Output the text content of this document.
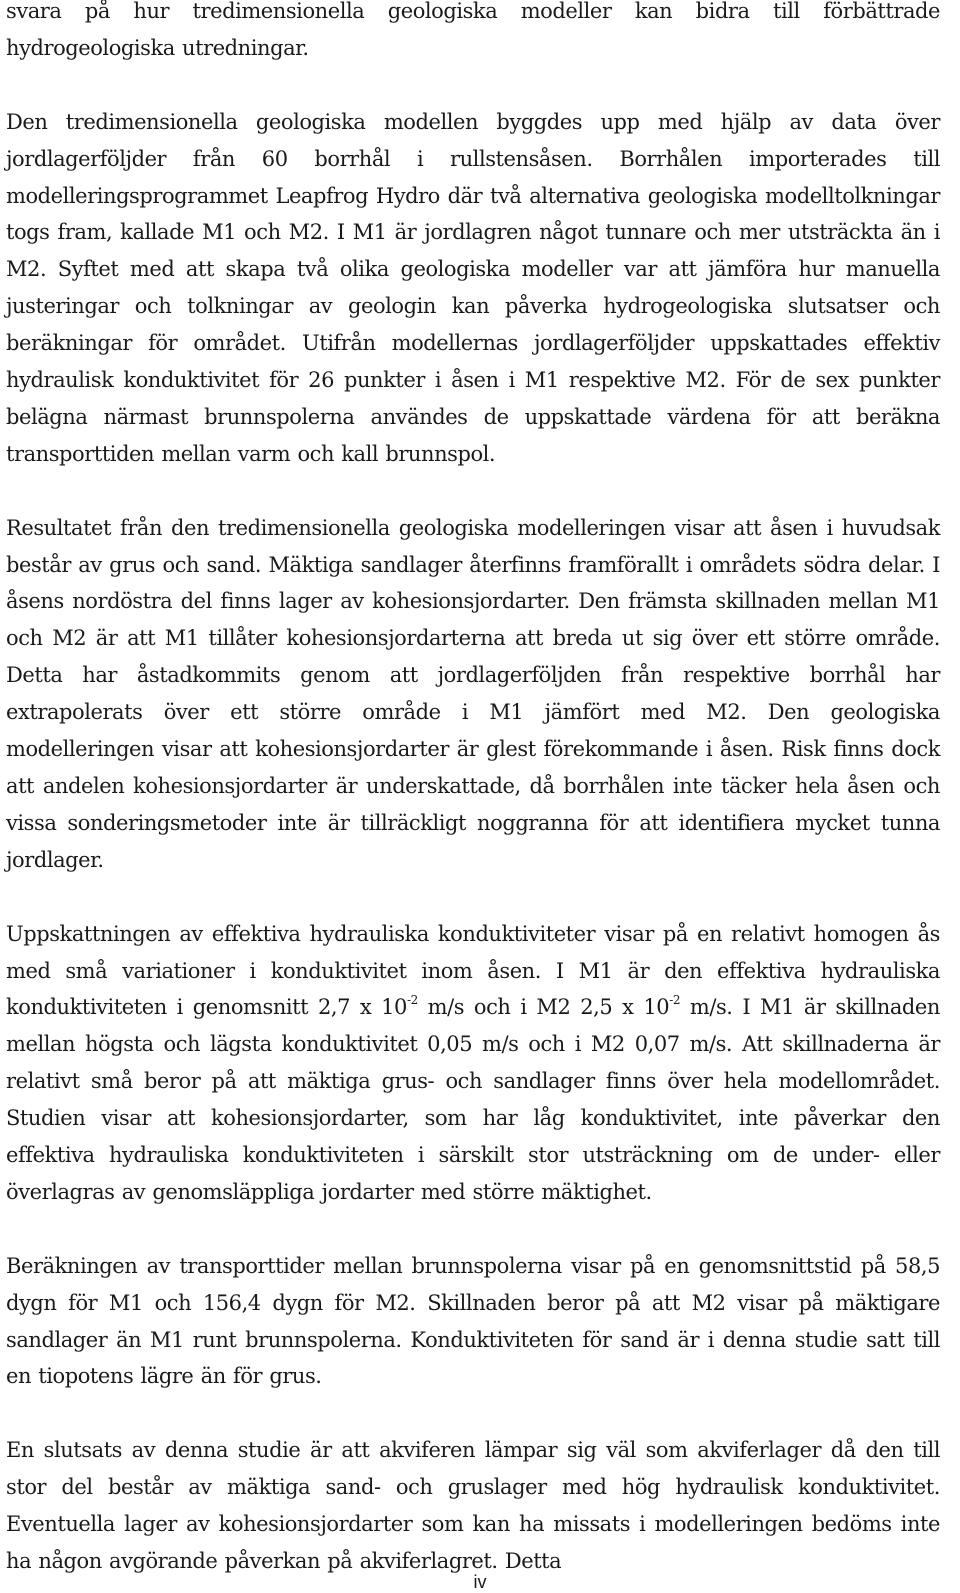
svara på hur tredimensionella geologiska modeller kan bidra till förbättrade hydrogeologiska utredningar.

Den tredimensionella geologiska modellen byggdes upp med hjälp av data över jordlagerföljder från 60 borrhål i rullstensåsen. Borrhålen importerades till modelleringsprogrammet Leapfrog Hydro där två alternativa geologiska modelltolkningar togs fram, kallade M1 och M2. I M1 är jordlagren något tunnare och mer utsträckta än i M2. Syftet med att skapa två olika geologiska modeller var att jämföra hur manuella justeringar och tolkningar av geologin kan påverka hydrogeologiska slutsatser och beräkningar för området. Utifrån modellernas jordlagerföljder uppskattades effektiv hydraulisk konduktivitet för 26 punkter i åsen i M1 respektive M2. För de sex punkter belägna närmast brunnspolerna användes de uppskattade värdena för att beräkna transporttiden mellan varm och kall brunnspol.

Resultatet från den tredimensionella geologiska modelleringen visar att åsen i huvudsak består av grus och sand. Mäktiga sandlager återfinns framförallt i områdets södra delar. I åsens nordöstra del finns lager av kohesionsjordarter. Den främsta skillnaden mellan M1 och M2 är att M1 tillåter kohesionsjordarterna att breda ut sig över ett större område. Detta har åstadkommits genom att jordlagerföljden från respektive borrhål har extrapolerats över ett större område i M1 jämfört med M2. Den geologiska modelleringen visar att kohesionsjordarter är glest förekommande i åsen. Risk finns dock att andelen kohesionsjordarter är underskattade, då borrhålen inte täcker hela åsen och vissa sonderingsmetoder inte är tillräckligt noggranna för att identifiera mycket tunna jordlager.

Uppskattningen av effektiva hydrauliska konduktiviteter visar på en relativt homogen ås med små variationer i konduktivitet inom åsen. I M1 är den effektiva hydrauliska konduktiviteten i genomsnitt 2,7 x $10^{-2}$ m/s och i M2 2,5 x $10^{-2}$ m/s. I M1 är skillnaden mellan högsta och lägsta konduktivitet 0,05 m/s och i M2 0,07 m/s. Att skillnaderna är relativt små beror på att mäktiga grus- och sandlager finns över hela modellområdet. Studien visar att kohesionsjordarter, som har låg konduktivitet, inte påverkar den effektiva hydrauliska konduktiviteten i särskilt stor utsträckning om de under- eller överlagras av genomsläppliga jordarter med större mäktighet.

Beräkningen av transporttider mellan brunnspolerna visar på en genomsnittstid på 58,5 dygn för M1 och 156,4 dygn för M2. Skillnaden beror på att M2 visar på mäktigare sandlager än M1 runt brunnspolerna. Konduktiviteten för sand är i denna studie satt till en tiopotens lägre än för grus.

En slutsats av denna studie är att akviferen lämpar sig väl som akviferlager då den till stor del består av mäktiga sand- och gruslager med hög hydraulisk konduktivitet. Eventuella lager av kohesionsjordarter som kan ha missats i modelleringen bedöms inte ha någon avgörande påverkan på akviferlagret. Detta

iv
